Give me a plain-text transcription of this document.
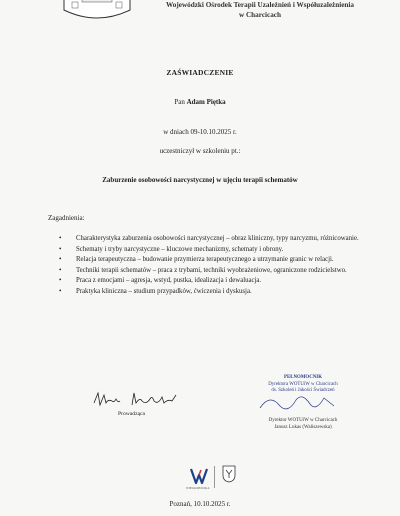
Wojewódzki Ośrodek Terapii Uzależnień i Współuzależnienia
w Charcicach
ZAŚWIADCZENIE
Pan Adam Piętka
w dniach 09-10.10.2025 r.
uczestniczył w szkoleniu pt.:
Zaburzenie osobowości narcystycznej w ujęciu terapii schematów
Zagadnienia:
• Charakterystyka zaburzenia osobowości narcystycznej – obraz kliniczny, typy narcyzmu, różnicowanie.
• Schematy i tryby narcystyczne – kluczowe mechanizmy, schematy i obrony.
• Relacja terapeutyczna – budowanie przymierza terapeutycznego a utrzymanie granic w relacji.
• Techniki terapii schematów – praca z trybami, techniki wyobrażeniowe, ograniczone rodzicielstwo.
• Praca z emocjami – agresja, wstyd, pustka, idealizacja i dewaluacja.
• Praktyka kliniczna – studium przypadków, ćwiczenia i dyskusja.
Prowadząca
PEŁNOMOCNIK
Dyrektora WOTUiW w Charcicach
ds. Szkoleń i Jakości Świadczeń
Dyrektor WOTUiW w Charcicach
Janusz Lukas (Waliszewska)
WIELKOPOLSKA
Poznań, 10.10.2025 r.
